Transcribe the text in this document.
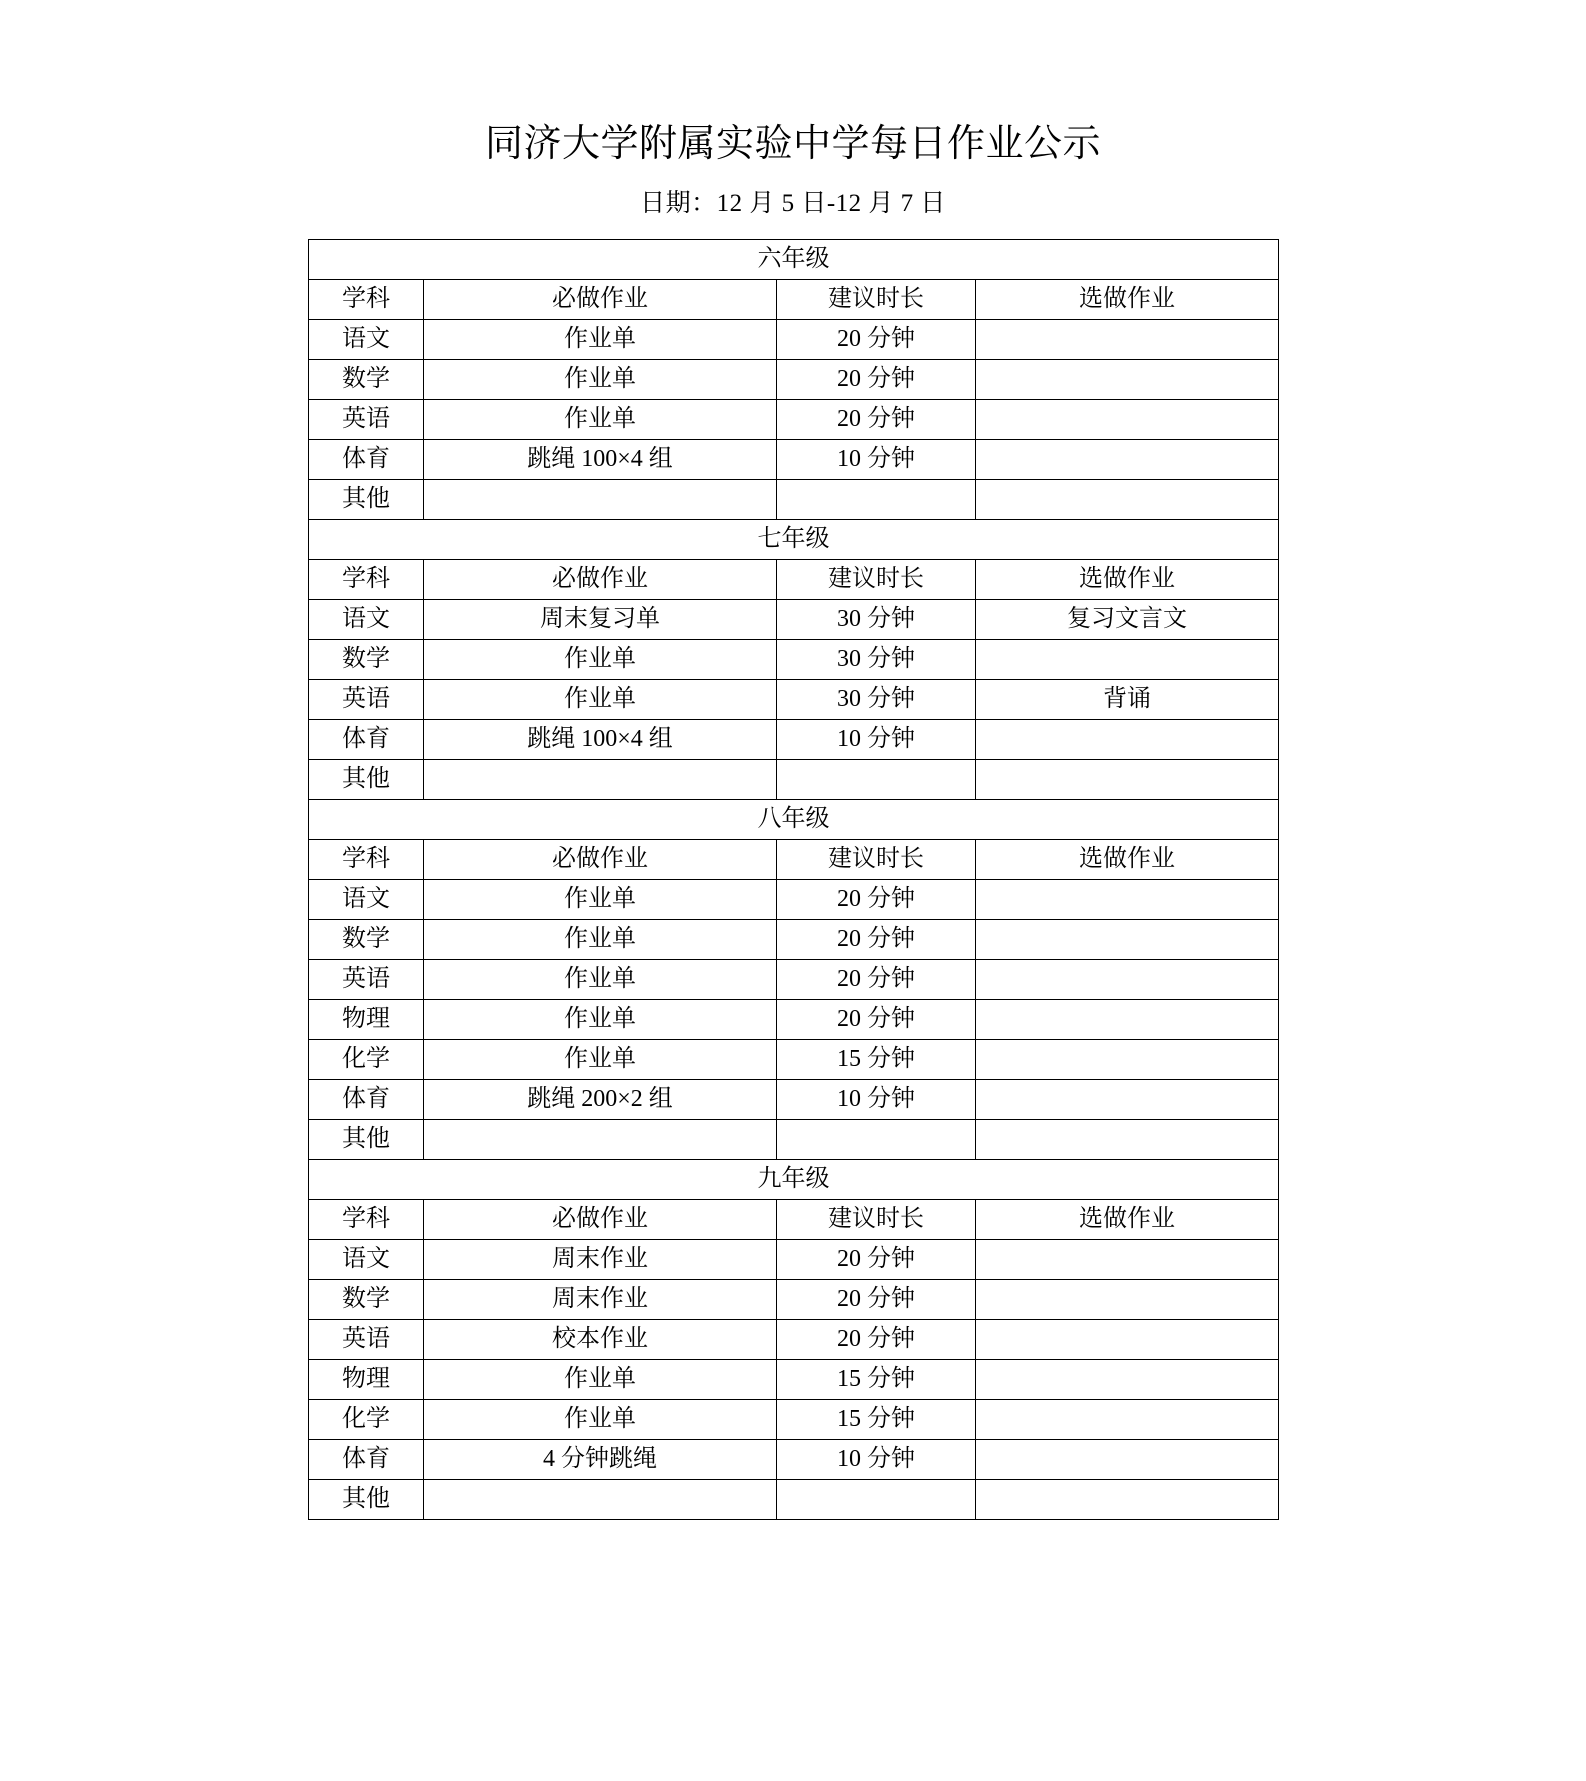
同济大学附属实验中学每日作业公示
日期：12 月 5 日-12 月 7 日
六年级			
学科	必做作业	建议时长	选做作业
语文	作业单	20 分钟	
数学	作业单	20 分钟	
英语	作业单	20 分钟	
体育	跳绳 100×4 组	10 分钟	
其他			
七年级			
学科	必做作业	建议时长	选做作业
语文	周末复习单	30 分钟	复习文言文
数学	作业单	30 分钟	
英语	作业单	30 分钟	背诵
体育	跳绳 100×4 组	10 分钟	
其他			
八年级			
学科	必做作业	建议时长	选做作业
语文	作业单	20 分钟	
数学	作业单	20 分钟	
英语	作业单	20 分钟	
物理	作业单	20 分钟	
化学	作业单	15 分钟	
体育	跳绳 200×2 组	10 分钟	
其他			
九年级			
学科	必做作业	建议时长	选做作业
语文	周末作业	20 分钟	
数学	周末作业	20 分钟	
英语	校本作业	20 分钟	
物理	作业单	15 分钟	
化学	作业单	15 分钟	
体育	4 分钟跳绳	10 分钟	
其他			
